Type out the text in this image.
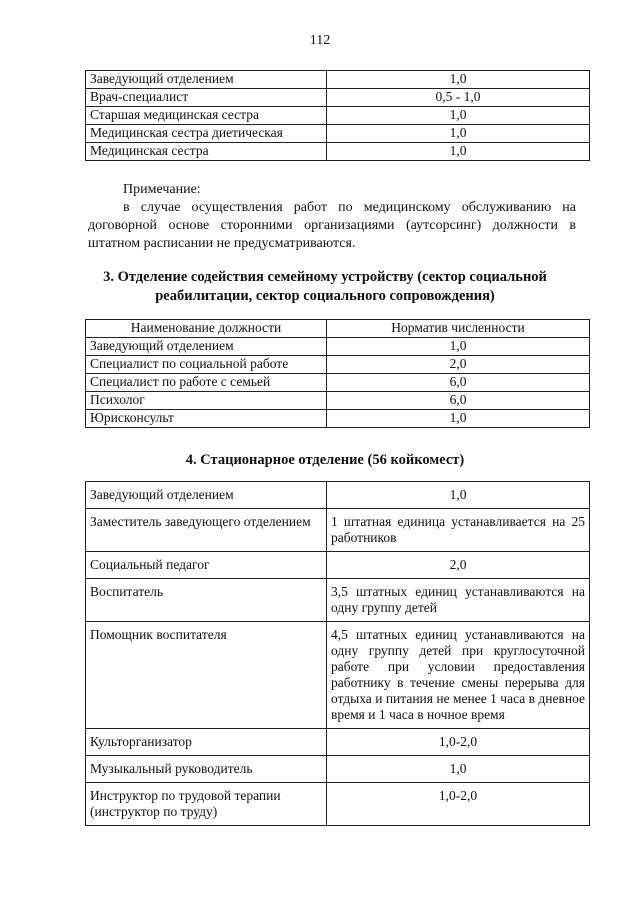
112
Заведующий отделением	1,0
Врач-специалист	0,5 - 1,0
Старшая медицинская сестра	1,0
Медицинская сестра диетическая	1,0
Медицинская сестра	1,0
Примечание:
в случае осуществления работ по медицинскому обслуживанию на договорной основе сторонними организациями (аутсорсинг) должности в штатном расписании не предусматриваются.
3. Отделение содействия семейному устройству (сектор социальной
реабилитации, сектор социального сопровождения)
Наименование должности	Норматив численности
Заведующий отделением	1,0
Специалист по социальной работе	2,0
Специалист по работе с семьей	6,0
Психолог	6,0
Юрисконсульт	1,0
4. Стационарное отделение (56 койкомест)
Заведующий отделением	1,0
Заместитель заведующего отделением	1 штатная единица устанавливается на 25 работников
Социальный педагог	2,0
Воспитатель	3,5 штатных единиц устанавливаются на одну группу детей
Помощник воспитателя	4,5 штатных единиц устанавливаются на одну группу детей при круглосуточной работе при условии предоставления работнику в течение смены перерыва для отдыха и питания не менее 1 часа в дневное время и 1 часа в ночное время
Культорганизатор	1,0-2,0
Музыкальный руководитель	1,0
Инструктор по трудовой терапии (инструктор по труду)	1,0-2,0
